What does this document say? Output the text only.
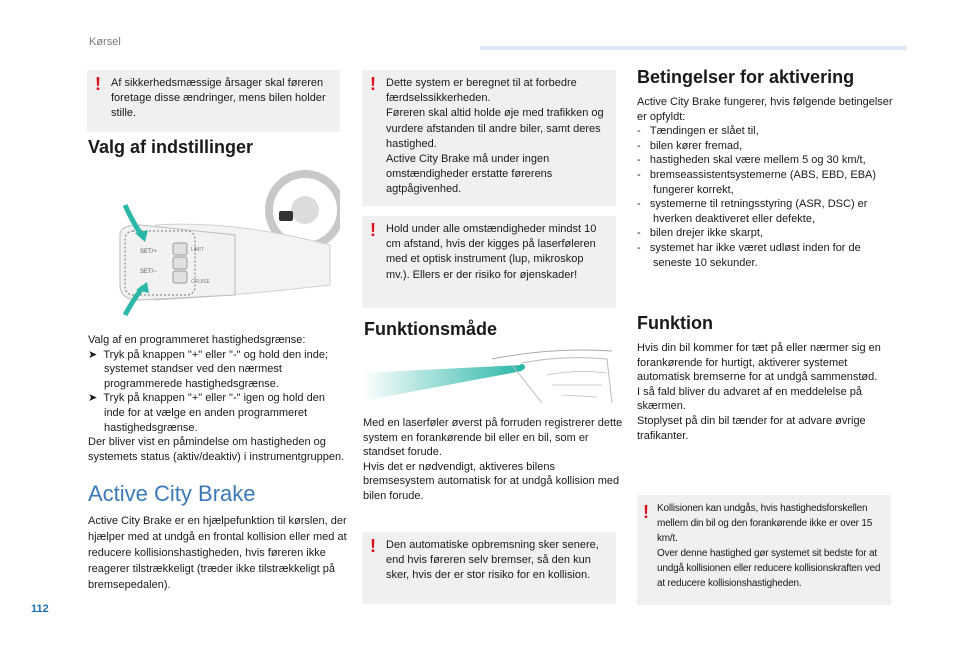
Kørsel
112
! Af sikkerhedsmæssige årsager skal føreren foretage disse ændringer, mens bilen holder stille.

Valg af indstillinger
SET/+
SET/−
LIMIT
CRUISE

Valg af en programmeret hastighedsgrænse:

➤  Tryk på knappen "+" eller "-" og hold den inde; systemet standser ved den nærmest programmerede hastighedsgrænse.
➤  Tryk på knappen "+" eller "-" igen og hold den inde for at vælge en anden programmeret hastighedsgrænse.

Der bliver vist en påmindelse om hastigheden og systemets status (aktiv/deaktiv) i instrumentgruppen.

Active City Brake

Active City Brake er en hjælpefunktion til kørslen, der hjælper med at undgå en frontal kollision eller med at reducere kollisionshastigheden, hvis føreren ikke reagerer tilstrækkeligt (træder ikke tilstrækkeligt på bremsepedalen).

! Dette system er beregnet til at forbedre færdselssikkerheden.

Føreren skal altid holde øje med trafikken og vurdere afstanden til andre biler, samt deres hastighed.

Active City Brake må under ingen omstændigheder erstatte førerens agtpågivenhed.

! Hold under alle omstændigheder mindst 10 cm afstand, hvis der kigges på laserføleren med et optisk instrument (lup, mikroskop mv.). Ellers er der risiko for øjenskader!

Funktionsmåde

Med en laserføler øverst på forruden registrerer dette system en forankørende bil eller en bil, som er standset forude.

Hvis det er nødvendigt, aktiveres bilens bremsesystem automatisk for at undgå kollision med bilen forude.

! Den automatiske opbremsning sker senere, end hvis føreren selv bremser, så den kun sker, hvis der er stor risiko for en kollision.

Betingelser for aktivering

Active City Brake fungerer, hvis følgende betingelser er opfyldt:

-   Tændingen er slået til,
-   bilen kører fremad,
-   hastigheden skal være mellem 5 og 30 km/t,
-   bremseassistentsystemerne (ABS, EBD, EBA) fungerer korrekt,
-   systemerne til retningsstyring (ASR, DSC) er hverken deaktiveret eller defekte,
-   bilen drejer ikke skarpt,
-   systemet har ikke været udløst inden for de seneste 10 sekunder.
Funktion

Hvis din bil kommer for tæt på eller nærmer sig en forankørende for hurtigt, aktiverer systemet automatisk bremserne for at undgå sammenstød.

I så fald bliver du advaret af en meddelelse på skærmen.

Stoplyset på din bil tænder for at advare øvrige trafikanter.

! Kollisionen kan undgås, hvis hastighedsforskellen mellem din bil og den forankørende ikke er over 15 km/t.

Over denne hastighed gør systemet sit bedste for at undgå kollisionen eller reducere kollisionskraften ved at reducere kollisionshastigheden.
